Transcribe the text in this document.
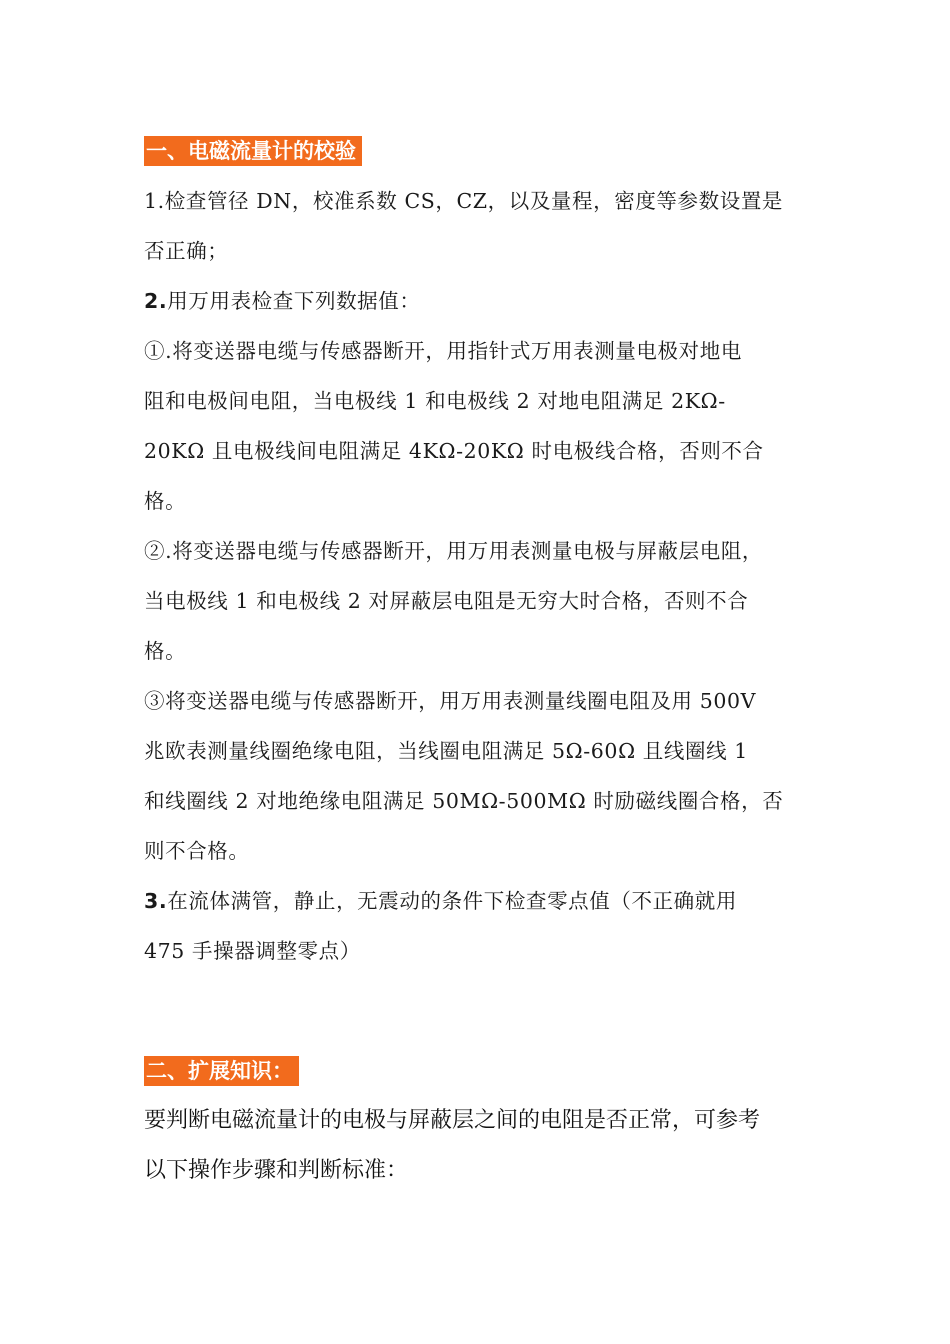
一、电磁流量计的校验
1.检查管径 DN，校准系数 CS，CZ，以及量程，密度等参数设置是
否正确；
2.用万用表检查下列数据值：
①.将变送器电缆与传感器断开，用指针式万用表测量电极对地电
阻和电极间电阻，当电极线 1 和电极线 2 对地电阻满足 2KΩ-
20KΩ 且电极线间电阻满足 4KΩ-20KΩ 时电极线合格，否则不合
格。
②.将变送器电缆与传感器断开，用万用表测量电极与屏蔽层电阻，
当电极线 1 和电极线 2 对屏蔽层电阻是无穷大时合格，否则不合
格。
③将变送器电缆与传感器断开，用万用表测量线圈电阻及用 500V
兆欧表测量线圈绝缘电阻，当线圈电阻满足 5Ω-60Ω 且线圈线 1
和线圈线 2 对地绝缘电阻满足 50MΩ-500MΩ 时励磁线圈合格，否
则不合格。
3.在流体满管，静止，无震动的条件下检查零点值（不正确就用
475 手操器调整零点）
二、扩展知识：
要判断电磁流量计的电极与屏蔽层之间的电阻是否正常，可参考
以下操作步骤和判断标准：
